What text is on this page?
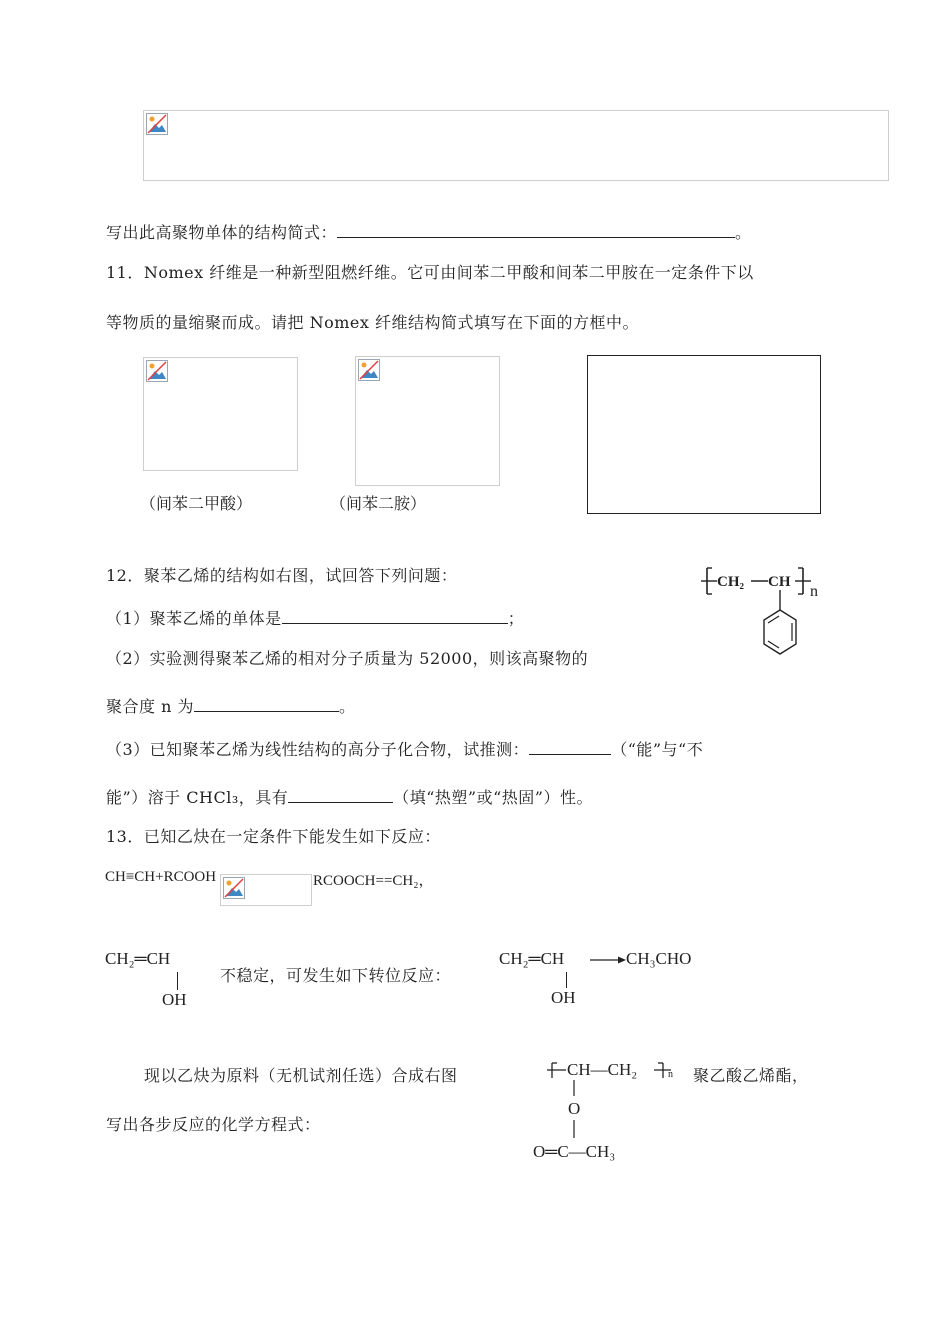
写出此高聚物单体的结构简式：	。
11．Nomex 纤维是一种新型阻燃纤维。它可由间苯二甲酸和间苯二甲胺在一定条件下以
等物质的量缩聚而成。请把 Nomex 纤维结构简式填写在下面的方框中。
（间苯二甲酸）	（间苯二胺）
12．聚苯乙烯的结构如右图，试回答下列问题：
（1）聚苯乙烯的单体是	；
（2）实验测得聚苯乙烯的相对分子质量为 52000，则该高聚物的
聚合度 n 为	。
（3）已知聚苯乙烯为线性结构的高分子化合物，试推测：	（“能”与“不
能”）溶于 CHCl₃，具有	（填“热塑”或“热固”）性。
CH₂ CH
n
13．已知乙炔在一定条件下能发生如下反应：
CH≡CH+RCOOH	RCOOCH==CH₂，
CH₂═CH
OH
不稳定，可发生如下转位反应：
CH₂═CH
OH
→ CH₃CHO
现以乙炔为原料（无机试剂任选）合成右图	聚乙酸乙烯酯，
写出各步反应的化学方程式：
CH—CH₂	n
O
O═C—CH₃
